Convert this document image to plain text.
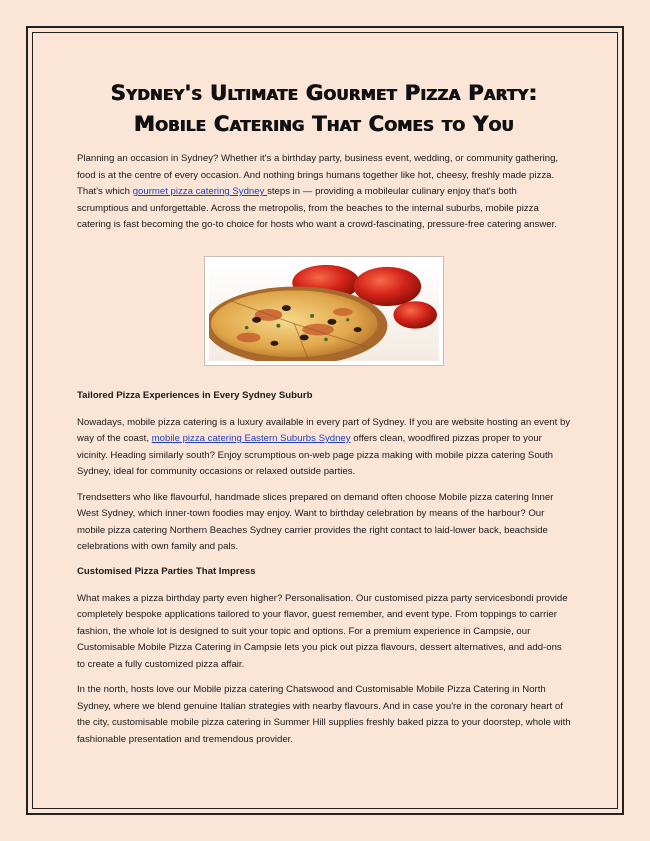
Sydney's Ultimate Gourmet Pizza Party:
Mobile Catering That Comes to You

Planning an occasion in Sydney? Whether it's a birthday party, business event, wedding, or community gathering, food is at the centre of every occasion. And nothing brings humans together like hot, cheesy, freshly made pizza. That's which gourmet pizza catering Sydney steps in — providing a mobileular culinary enjoy that's both scrumptious and unforgettable. Across the metropolis, from the beaches to the internal suburbs, mobile pizza catering is fast becoming the go-to choice for hosts who want a crowd-fascinating, pressure-free catering answer.

Tailored Pizza Experiences in Every Sydney Suburb

Nowadays, mobile pizza catering is a luxury available in every part of Sydney. If you are website hosting an event by way of the coast, mobile pizza catering Eastern Suburbs Sydney offers clean, woodfired pizzas proper to your vicinity. Heading similarly south? Enjoy scrumptious on-web page pizza making with mobile pizza catering South Sydney, ideal for community occasions or relaxed outside parties.

Trendsetters who like flavourful, handmade slices prepared on demand often choose Mobile pizza catering Inner West Sydney, which inner-town foodies may enjoy. Want to birthday celebration by means of the harbour? Our mobile pizza catering Northern Beaches Sydney carrier provides the right contact to laid-lower back, beachside celebrations with own family and pals.

Customised Pizza Parties That Impress

What makes a pizza birthday party even higher? Personalisation. Our customised pizza party servicesbondi provide completely bespoke applications tailored to your flavor, guest remember, and event type. From toppings to carrier fashion, the whole lot is designed to suit your topic and options. For a premium experience in Campsie, our Customisable Mobile Pizza Catering in Campsie lets you pick out pizza flavours, dessert alternatives, and add-ons to create a fully customized pizza affair.

In the north, hosts love our Mobile pizza catering Chatswood and Customisable Mobile Pizza Catering in North Sydney, where we blend genuine Italian strategies with nearby flavours. And in case you're in the coronary heart of the city, customisable mobile pizza catering in Summer Hill supplies freshly baked pizza to your doorstep, whole with fashionable presentation and tremendous provider.
